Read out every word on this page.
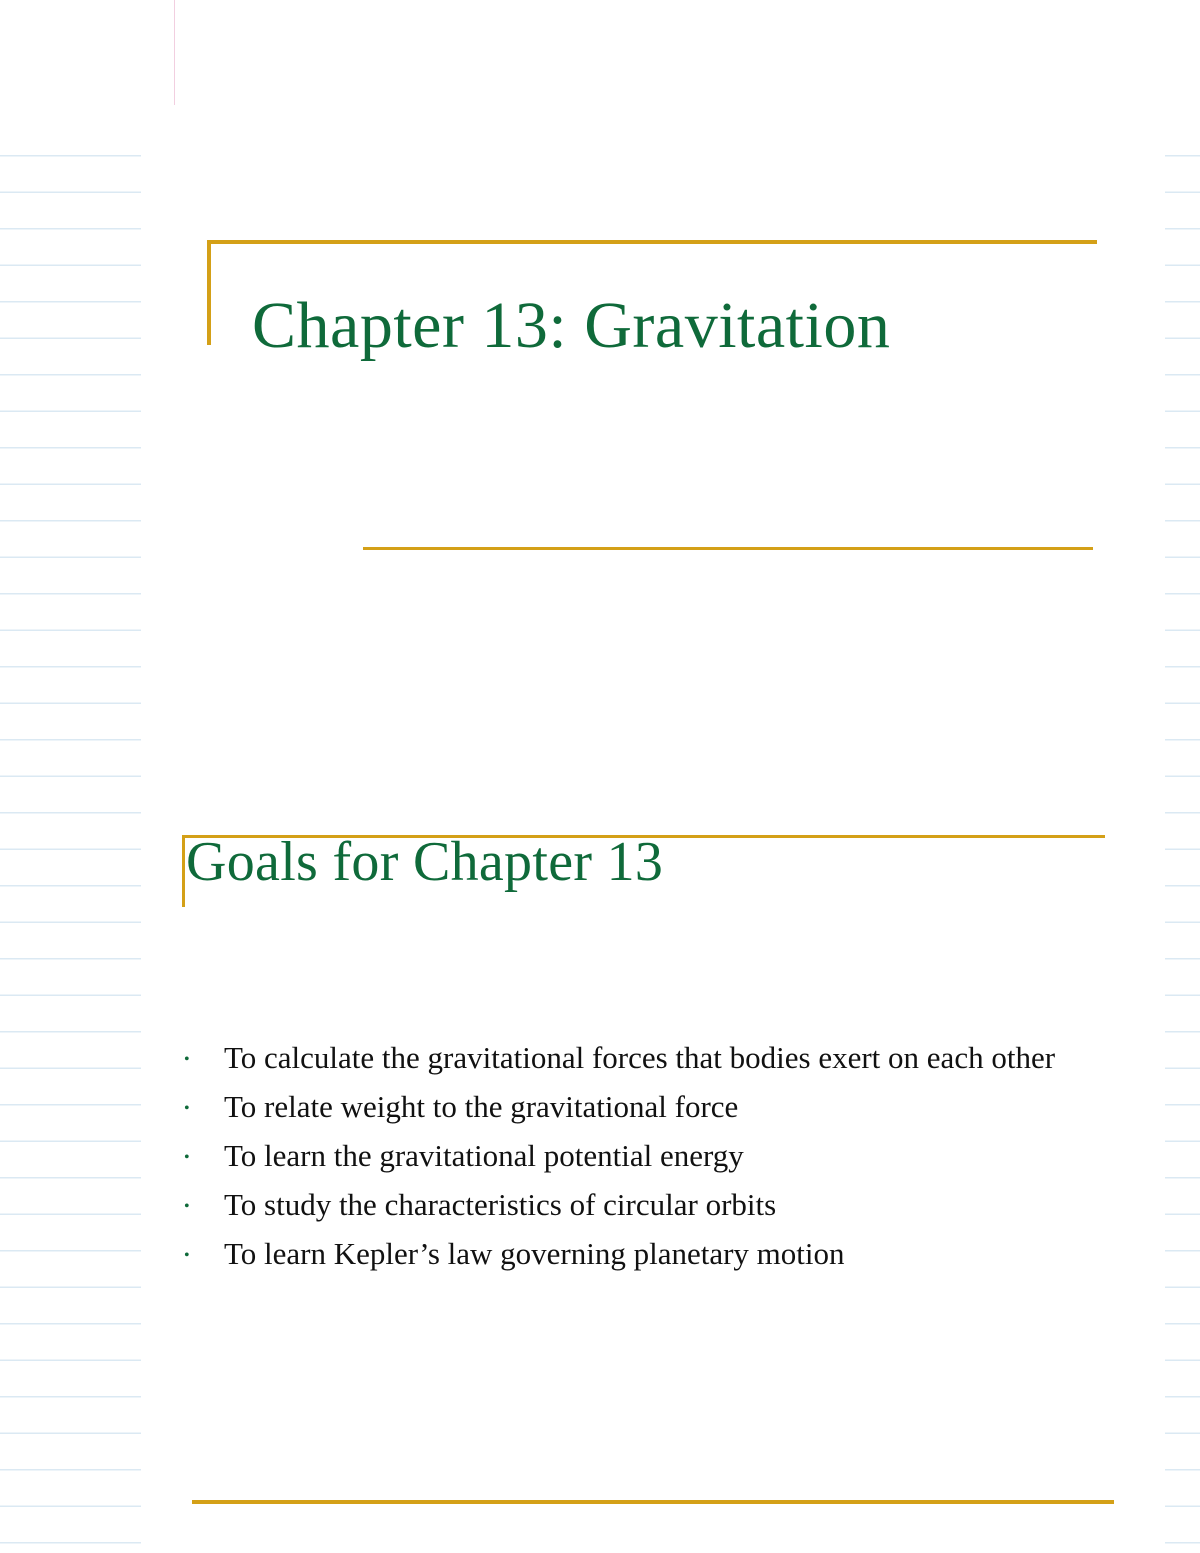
Chapter 13: Gravitation
Goals for Chapter 13
• To calculate the gravitational forces that bodies exert on each other
• To relate weight to the gravitational force
• To learn the gravitational potential energy
• To study the characteristics of circular orbits
• To learn Kepler’s law governing planetary motion
